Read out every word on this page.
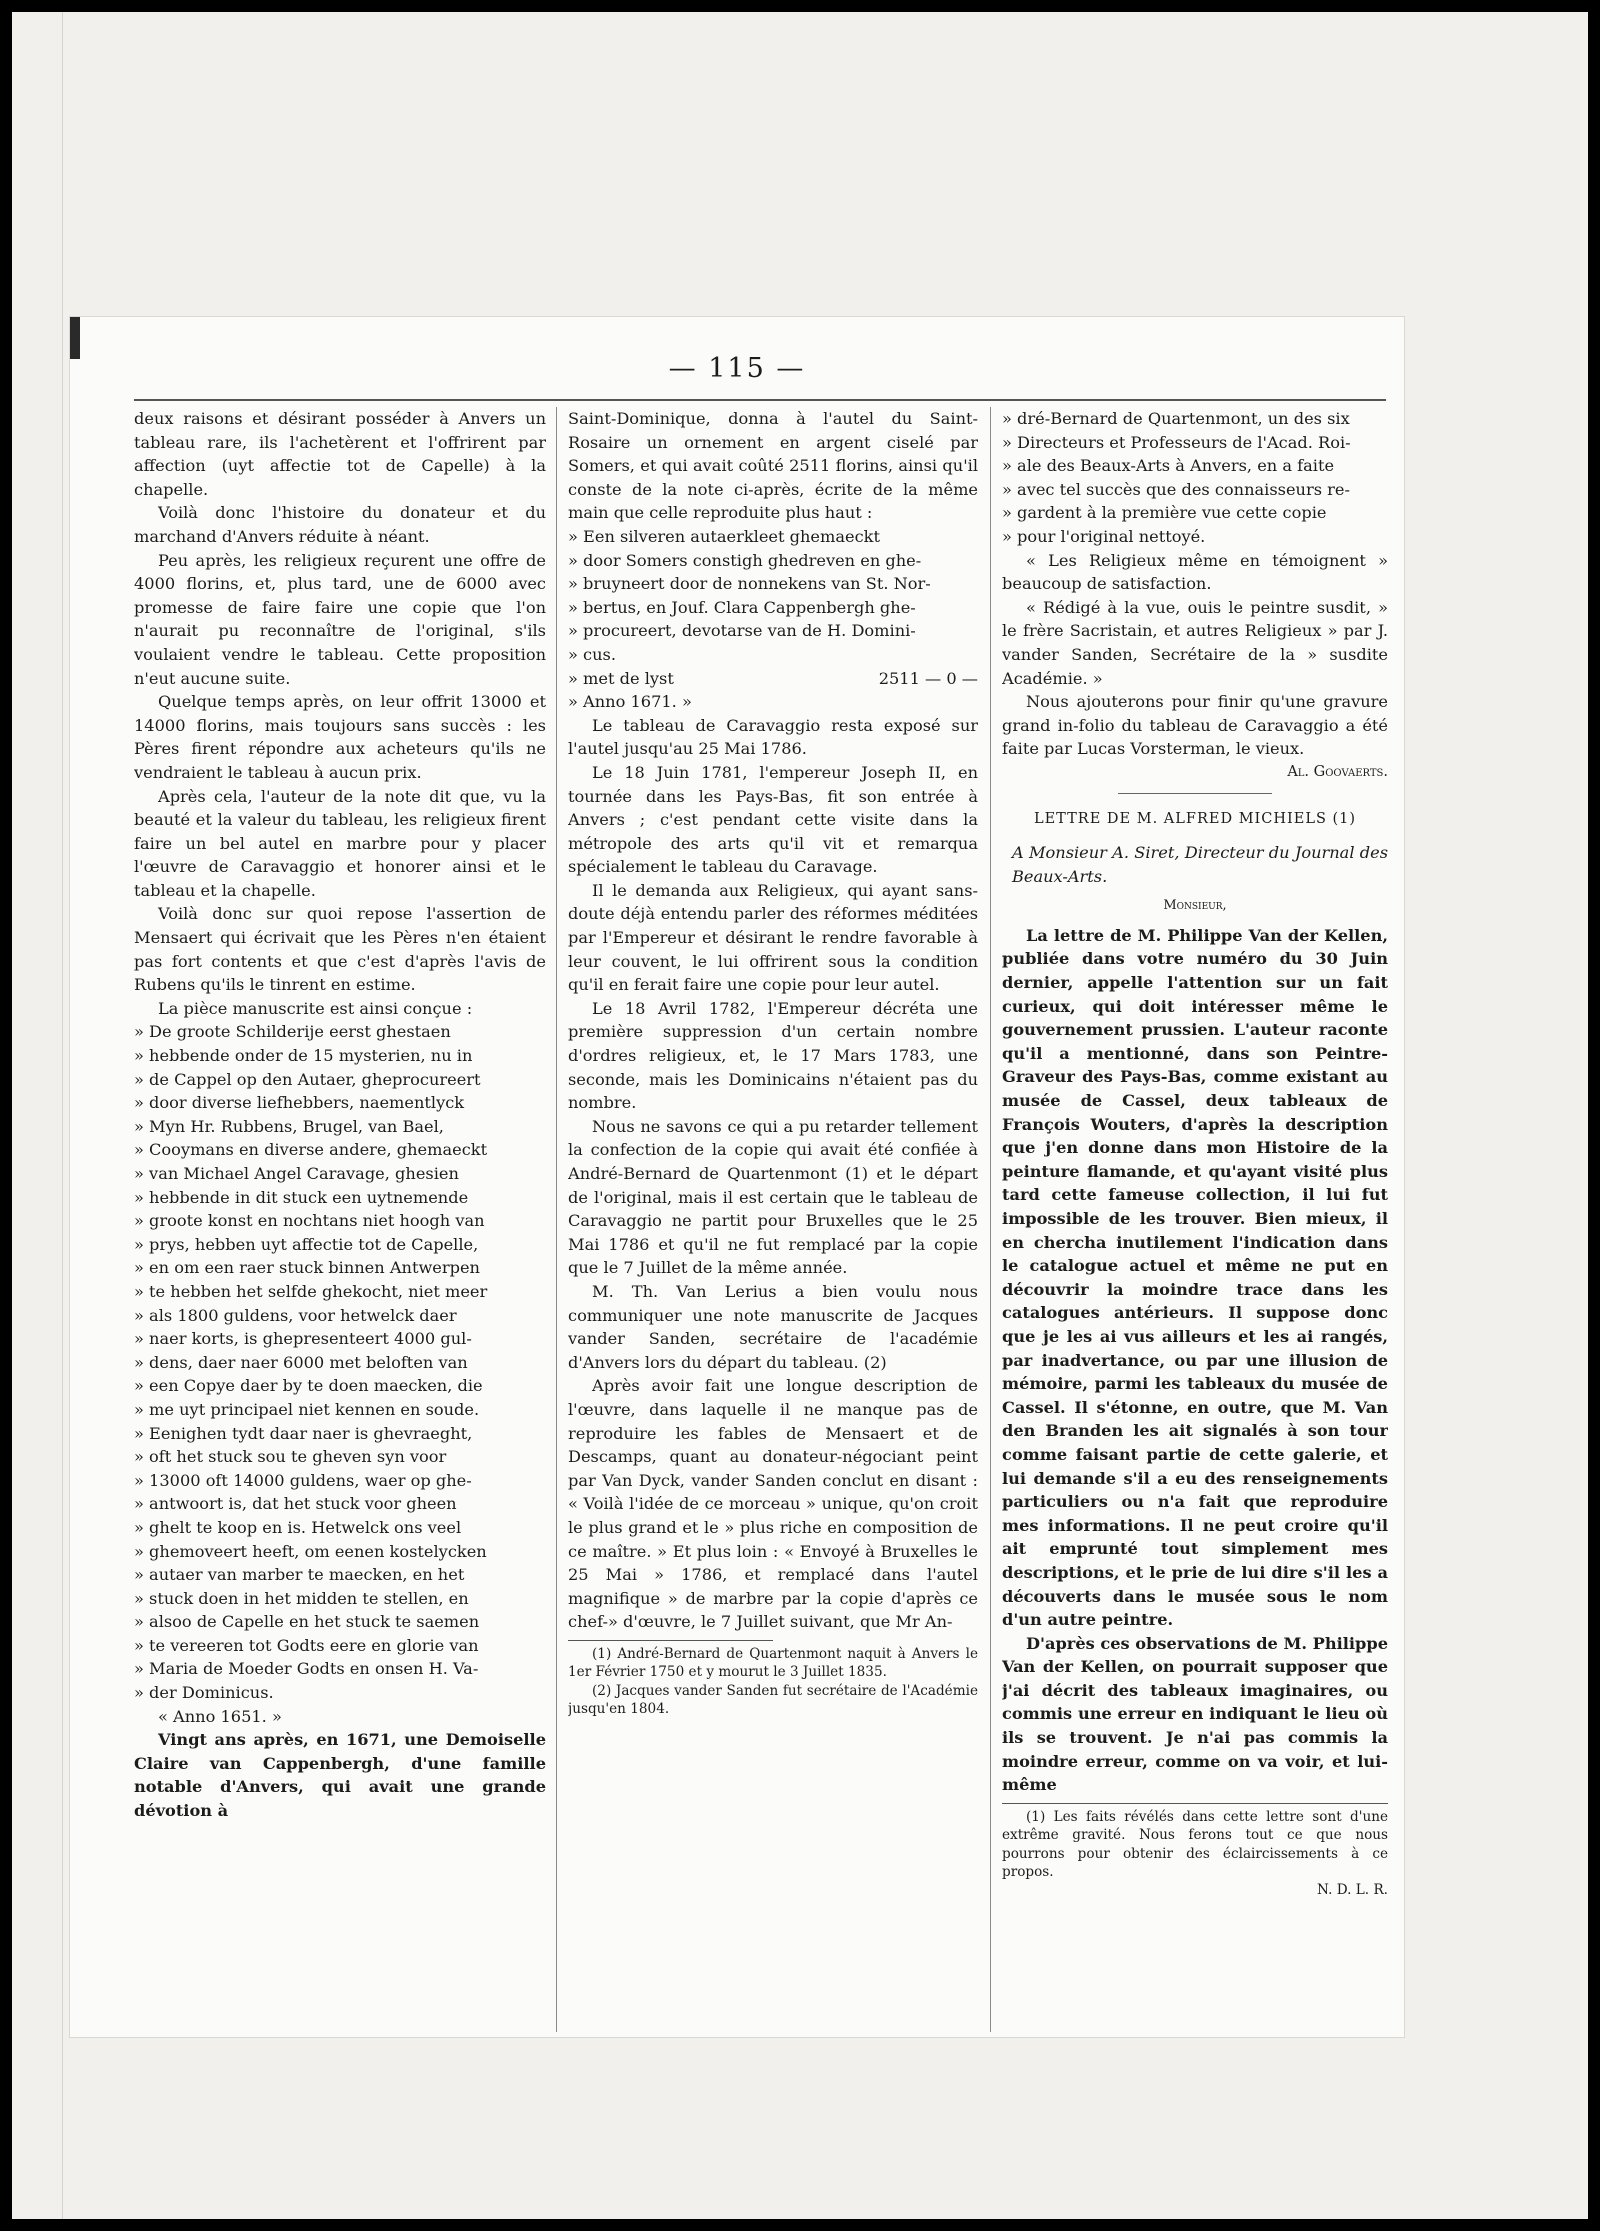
— 115 —

deux raisons et désirant posséder à Anvers un tableau rare, ils l'achetèrent et l'offrirent par affection (uyt affectie tot de Capelle) à la chapelle.

Voilà donc l'histoire du donateur et du marchand d'Anvers réduite à néant.

Peu après, les religieux reçurent une offre de 4000 florins, et, plus tard, une de 6000 avec promesse de faire faire une copie que l'on n'aurait pu reconnaître de l'original, s'ils voulaient vendre le tableau. Cette proposition n'eut aucune suite.

Quelque temps après, on leur offrit 13000 et 14000 florins, mais toujours sans succès : les Pères firent répondre aux acheteurs qu'ils ne vendraient le tableau à aucun prix.

Après cela, l'auteur de la note dit que, vu la beauté et la valeur du tableau, les religieux firent faire un bel autel en marbre pour y placer l'œuvre de Caravaggio et honorer ainsi et le tableau et la chapelle.

Voilà donc sur quoi repose l'assertion de Mensaert qui écrivait que les Pères n'en étaient pas fort contents et que c'est d'après l'avis de Rubens qu'ils le tinrent en estime.

La pièce manuscrite est ainsi conçue :

» De groote Schilderije eerst ghestaen

» hebbende onder de 15 mysterien, nu in

» de Cappel op den Autaer, gheprocureert

» door diverse liefhebbers, naementlyck

» Myn Hr. Rubbens, Brugel, van Bael,

» Cooymans en diverse andere, ghemaeckt

» van Michael Angel Caravage, ghesien

» hebbende in dit stuck een uytnemende

» groote konst en nochtans niet hoogh van

» prys, hebben uyt affectie tot de Capelle,

» en om een raer stuck binnen Antwerpen

» te hebben het selfde ghekocht, niet meer

» als 1800 guldens, voor hetwelck daer

» naer korts, is ghepresenteert 4000 gul-

» dens, daer naer 6000 met beloften van

» een Copye daer by te doen maecken, die

» me uyt principael niet kennen en soude.

» Eenighen tydt daar naer is ghevraeght,

» oft het stuck sou te gheven syn voor

» 13000 oft 14000 guldens, waer op ghe-

» antwoort is, dat het stuck voor gheen

» ghelt te koop en is. Hetwelck ons veel

» ghemoveert heeft, om eenen kostelycken

» autaer van marber te maecken, en het

» stuck doen in het midden te stellen, en

» alsoo de Capelle en het stuck te saemen

» te vereeren tot Godts eere en glorie van

» Maria de Moeder Godts en onsen H. Va-

» der Dominicus.

« Anno 1651. »

Vingt ans après, en 1671, une Demoiselle Claire van Cappenbergh, d'une famille notable d'Anvers, qui avait une grande dévotion à

Saint-Dominique, donna à l'autel du Saint-Rosaire un ornement en argent ciselé par Somers, et qui avait coûté 2511 florins, ainsi qu'il conste de la note ci-après, écrite de la même main que celle reproduite plus haut :

» Een silveren autaerkleet ghemaeckt

» door Somers constigh ghedreven en ghe-

» bruyneert door de nonnekens van St. Nor-

» bertus, en Jouf. Clara Cappenbergh ghe-

» procureert, devotarse van de H. Domini-

» cus.

» met de lyst	2511 — 0 —

» Anno 1671. »

Le tableau de Caravaggio resta exposé sur l'autel jusqu'au 25 Mai 1786.

Le 18 Juin 1781, l'empereur Joseph II, en tournée dans les Pays-Bas, fit son entrée à Anvers ; c'est pendant cette visite dans la métropole des arts qu'il vit et remarqua spécialement le tableau du Caravage.

Il le demanda aux Religieux, qui ayant sans-doute déjà entendu parler des réformes méditées par l'Empereur et désirant le rendre favorable à leur couvent, le lui offrirent sous la condition qu'il en ferait faire une copie pour leur autel.

Le 18 Avril 1782, l'Empereur décréta une première suppression d'un certain nombre d'ordres religieux, et, le 17 Mars 1783, une seconde, mais les Dominicains n'étaient pas du nombre.

Nous ne savons ce qui a pu retarder tellement la confection de la copie qui avait été confiée à André-Bernard de Quartenmont (1) et le départ de l'original, mais il est certain que le tableau de Caravaggio ne partit pour Bruxelles que le 25 Mai 1786 et qu'il ne fut remplacé par la copie que le 7 Juillet de la même année.

M. Th. Van Lerius a bien voulu nous communiquer une note manuscrite de Jacques vander Sanden, secrétaire de l'académie d'Anvers lors du départ du tableau. (2)

Après avoir fait une longue description de l'œuvre, dans laquelle il ne manque pas de reproduire les fables de Mensaert et de Descamps, quant au donateur-négociant peint par Van Dyck, vander Sanden conclut en disant : « Voilà l'idée de ce morceau » unique, qu'on croit le plus grand et le » plus riche en composition de ce maître. » Et plus loin : « Envoyé à Bruxelles le 25 Mai » 1786, et remplacé dans l'autel magnifique » de marbre par la copie d'après ce chef-» d'œuvre, le 7 Juillet suivant, que Mr An-

(1) André-Bernard de Quartenmont naquit à Anvers le 1er Février 1750 et y mourut le 3 Juillet 1835.

(2) Jacques vander Sanden fut secrétaire de l'Académie jusqu'en 1804.

» dré-Bernard de Quartenmont, un des six

» Directeurs et Professeurs de l'Acad. Roi-

» ale des Beaux-Arts à Anvers, en a faite

» avec tel succès que des connaisseurs re-

» gardent à la première vue cette copie

» pour l'original nettoyé.

« Les Religieux même en témoignent » beaucoup de satisfaction.

« Rédigé à la vue, ouis le peintre susdit, » le frère Sacristain, et autres Religieux » par J. vander Sanden, Secrétaire de la » susdite Académie. »

Nous ajouterons pour finir qu'une gravure grand in-folio du tableau de Caravaggio a été faite par Lucas Vorsterman, le vieux.

Al. Goovaerts.

LETTRE DE M. ALFRED MICHIELS (1)

A Monsieur A. Siret, Directeur du Journal des Beaux-Arts.

Monsieur,

La lettre de M. Philippe Van der Kellen, publiée dans votre numéro du 30 Juin dernier, appelle l'attention sur un fait curieux, qui doit intéresser même le gouvernement prussien. L'auteur raconte qu'il a mentionné, dans son Peintre-Graveur des Pays-Bas, comme existant au musée de Cassel, deux tableaux de François Wouters, d'après la description que j'en donne dans mon Histoire de la peinture flamande, et qu'ayant visité plus tard cette fameuse collection, il lui fut impossible de les trouver. Bien mieux, il en chercha inutilement l'indication dans le catalogue actuel et même ne put en découvrir la moindre trace dans les catalogues antérieurs. Il suppose donc que je les ai vus ailleurs et les ai rangés, par inadvertance, ou par une illusion de mémoire, parmi les tableaux du musée de Cassel. Il s'étonne, en outre, que M. Van den Branden les ait signalés à son tour comme faisant partie de cette galerie, et lui demande s'il a eu des renseignements particuliers ou n'a fait que reproduire mes informations. Il ne peut croire qu'il ait emprunté tout simplement mes descriptions, et le prie de lui dire s'il les a découverts dans le musée sous le nom d'un autre peintre.

D'après ces observations de M. Philippe Van der Kellen, on pourrait supposer que j'ai décrit des tableaux imaginaires, ou commis une erreur en indiquant le lieu où ils se trouvent. Je n'ai pas commis la moindre erreur, comme on va voir, et lui-même

(1) Les faits révélés dans cette lettre sont d'une extrême gravité. Nous ferons tout ce que nous pourrons pour obtenir des éclaircissements à ce propos.

N. D. L. R.
